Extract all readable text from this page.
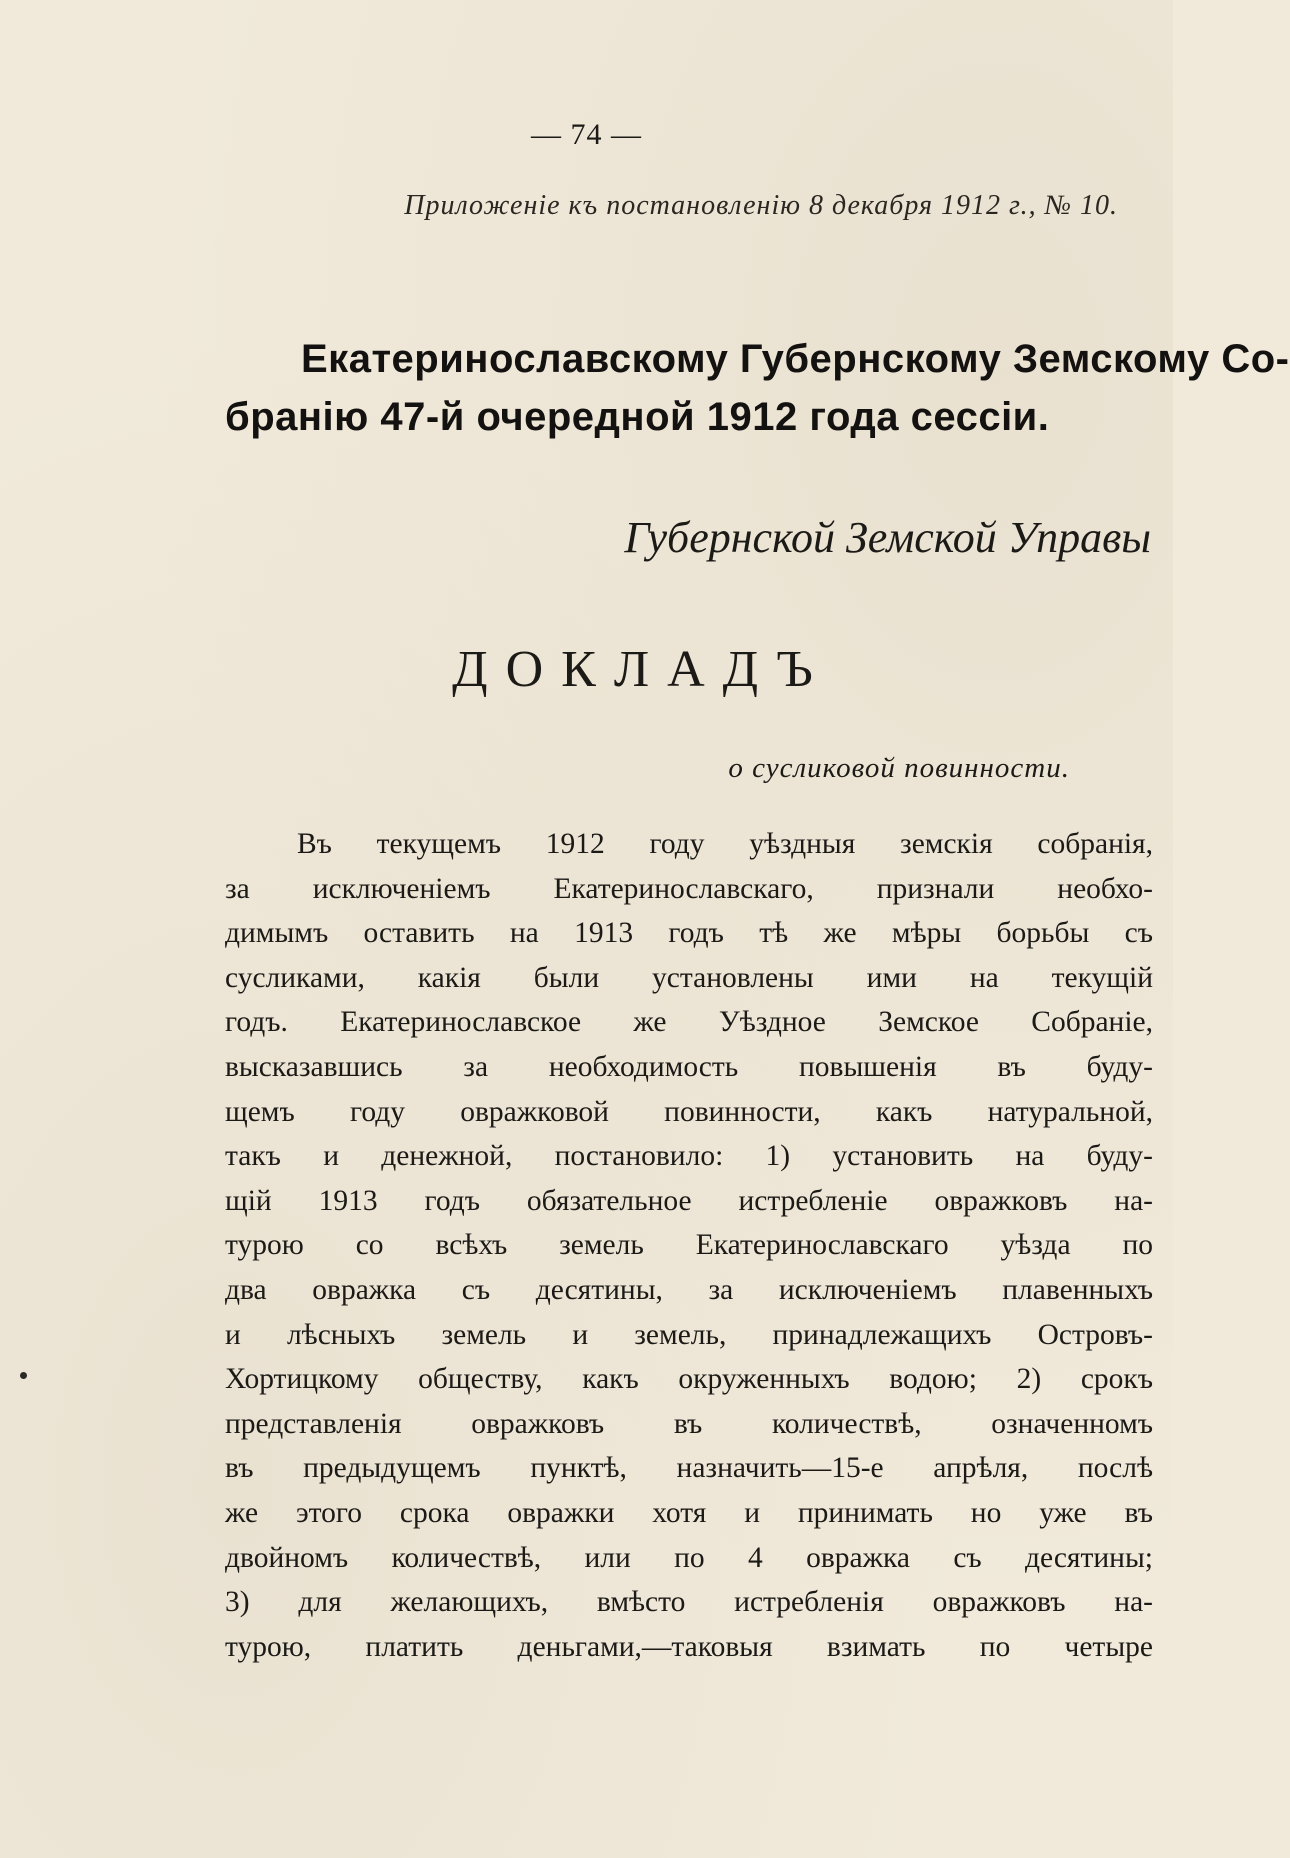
— 74 —
Приложеніе къ постановленію 8 декабря 1912 г., № 10.
Екатеринославскому Губернскому Земскому Со-
бранію 47-й очередной 1912 года сессіи.
Губернской Земской Управы
ДОКЛАДЪ
о сусликовой повинности.
Въ текущемъ 1912 году уѣздныя земскія собранія,
за исключеніемъ Екатеринославскаго, признали необхо-
димымъ оставить на 1913 годъ тѣ же мѣры борьбы съ
сусликами, какія были установлены ими на текущій
годъ. Екатеринославское же Уѣздное Земское Собраніе,
высказавшись за необходимость повышенія въ буду-
щемъ году овражковой повинности, какъ натуральной,
такъ и денежной, постановило: 1) установить на буду-
щій 1913 годъ обязательное истребленіе овражковъ на-
турою со всѣхъ земель Екатеринославскаго уѣзда по
два овражка съ десятины, за исключеніемъ плавенныхъ
и лѣсныхъ земель и земель, принадлежащихъ Островъ-
Хортицкому обществу, какъ окруженныхъ водою; 2) срокъ
представленія овражковъ въ количествѣ, означенномъ
въ предыдущемъ пунктѣ, назначить—15-е апрѣля, послѣ
же этого срока овражки хотя и принимать но уже въ
двойномъ количествѣ, или по 4 овражка съ десятины;
3) для желающихъ, вмѣсто истребленія овражковъ на-
турою, платить деньгами,—таковыя взимать по четыре
